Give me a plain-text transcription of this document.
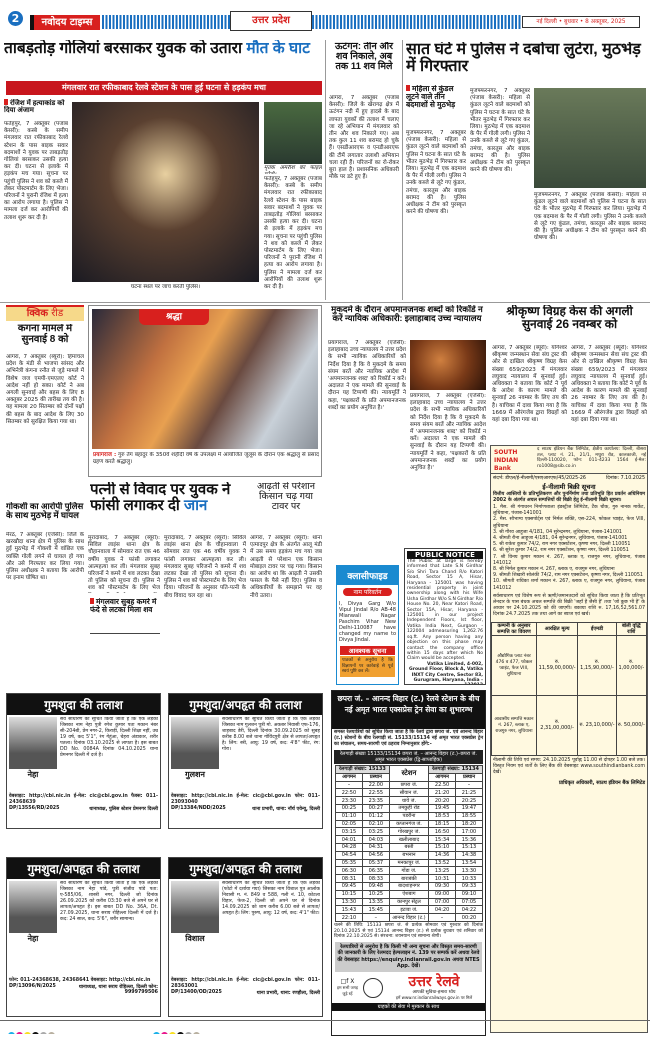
2	नवोदय टाइम्स	उत्तर प्रदेश	नई दिल्ली • बुधवार • 8 अक्तूबर, 2025
ताबड़तोड़ गोलियां बरसाकर युवक को उतारा मौत के घाट
मंगलवार रात रफीकाबाद रेलवे स्टेशन के पास हुई घटना से हड़कंप मचा
रंजिश में हत्याकांड को दिया अंजाम
फतेहपुर, 7 अक्तूबर (पंजाब केसरी): कस्बे के समीप मंगलवार रात रफीकाबाद रेलवे स्टेशन के पास बाइक सवार बदमाशों ने युवक पर ताबड़तोड़ गोलियां बरसाकर उसकी हत्या कर दी। घटना से इलाके में हड़कंप मच गया। सूचना पर पहुंची पुलिस ने शव को कब्जे में लेकर पोस्टमार्टम के लिए भेजा। परिजनों ने पुरानी रंजिश में हत्या का आरोप लगाया है। पुलिस ने मामला दर्ज कर आरोपियों की तलाश शुरू कर दी है।
घटना स्थल पर जांच करती पुलिस।
मृतक अमरीश का फाइल
फतेहपुर, 7 अक्तूबर (पंजाब केसरी): कस्बे के समीप मंगलवार रात रफीकाबाद रेलवे स्टेशन के पास बाइक सवार बदमाशों ने युवक पर ताबड़तोड़ गोलियां बरसाकर उसकी हत्या कर दी। घटना से इलाके में हड़कंप मच गया। सूचना पर पहुंची पुलिस ने शव को कब्जे में लेकर पोस्टमार्टम के लिए भेजा। परिजनों ने पुरानी रंजिश में हत्या का आरोप लगाया है। पुलिस ने मामला दर्ज कर आरोपियों की तलाश शुरू कर दी है।
ऊटंगन: तीन और शव निकाले, अब तक 11 शव मिले
आगरा, 7 अक्तूबर (पंजाब केसरी): जिले के खेरागढ़ क्षेत्र में ऊटंगन नदी में हुए हादसे के बाद लापता युवकों की तलाश में चलाए जा रहे अभियान में मंगलवार को तीन और शव निकाले गए। अब तक कुल 11 शव बरामद हो चुके हैं। एसडीआरएफ व एनडीआरएफ की टीमें लगातार तलाशी अभियान चला रही हैं। परिजनों का रो-रोकर बुरा हाल है। प्रशासनिक अधिकारी मौके पर डटे हुए हैं।
सात घंटे में पुलिस ने दबोचा लुटेरा, मुठभेड़ में गिरफ्तार
महिला से कुंडल लूटने वाले तीन बदमाशों से मुठभेड़
मुजफ्फरनगर, 7 अक्तूबर (पंजाब केसरी): महिला से कुंडल लूटने वाले बदमाशों को पुलिस ने घटना के सात घंटे के भीतर मुठभेड़ में गिरफ्तार कर लिया। मुठभेड़ में एक बदमाश के पैर में गोली लगी। पुलिस ने उनके कब्जे से लूटे गए कुंडल, तमंचा, कारतूस और बाइक बरामद की है। पुलिस अधीक्षक ने टीम को पुरस्कृत करने की घोषणा की।
मुजफ्फरनगर, 7 अक्तूबर (पंजाब केसरी): महिला से कुंडल लूटने वाले बदमाशों को पुलिस ने घटना के सात घंटे के भीतर मुठभेड़ में गिरफ्तार कर लिया। मुठभेड़ में एक बदमाश के पैर में गोली लगी। पुलिस ने उनके कब्जे से लूटे गए कुंडल, तमंचा, कारतूस और बाइक बरामद की है। पुलिस अधीक्षक ने टीम को पुरस्कृत करने की घोषणा की।
मुजफ्फरनगर, 7 अक्तूबर (पंजाब केसरी): महिला से कुंडल लूटने वाले बदमाशों को पुलिस ने घटना के सात घंटे के भीतर मुठभेड़ में गिरफ्तार कर लिया। मुठभेड़ में एक बदमाश के पैर में गोली लगी। पुलिस ने उनके कब्जे से लूटे गए कुंडल, तमंचा, कारतूस और बाइक बरामद की है। पुलिस अधीक्षक ने टीम को पुरस्कृत करने की घोषणा की।
क्विक रीड
कंगना मामले में सुनवाई 8 को
आगरा, 7 अक्तूबर (ब्यूरो): हिमाचल प्रदेश के मंडी से भाजपा सांसद और अभिनेत्री कंगना रनौत से जुड़े मामले में विशेष जज एमपी-एमएलए कोर्ट ने आदेश नहीं हो सका। कोर्ट ने अब अगली सुनवाई और बहस के लिए 8 अक्तूबर 2025 की तारीख तय की है। यह मामला 20 सितम्बर को दोनों पक्षों की बहस के बाद आदेश के लिए 30 सितम्बर को सुरक्षित किया गया था।
गोकशी का आरोपी पुलिस के साथ मुठभेड़ में घायल
मेरठ, 7 अक्तूबर (एजेंसी): जिले के खरखौदा थाना क्षेत्र में पुलिस के साथ हुई मुठभेड़ में गोकशी में वांछित एक व्यक्ति गोली लगने से घायल हो गया और उसे गिरफ्तार कर लिया गया। पुलिस अधीक्षक ने बताया कि आरोपी पर इनाम घोषित था।
श्रद्धा
प्रयागराज : गुरु तेग बहादुर के 350वें शहीदी वर्ष के उपलक्ष्य में आयोजित जुलूस के दौरान एक श्रद्धालु से प्रसाद ग्रहण करते श्रद्धालु।
पत्नी से विवाद पर युवक ने फांसी लगाकर दी जान
मुरादाबाद, 7 अक्तूबर (ब्यूरो): सिविल लाइंस थाना क्षेत्र के चौहानवाला में सोमवार रात एक 46 वर्षीय युवक ने फांसी लगाकर आत्महत्या कर ली। मंगलवार सुबह परिजनों ने कमरे में शव लटका देखा तो पुलिस को सूचना दी। पुलिस ने शव को पोस्टमार्टम के लिए भेज
मंगलवार सुबह कमरे में फंदे से लटका मिला शव
मुरादाबाद, 7 अक्तूबर (ब्यूरो): सिविल लाइंस थाना क्षेत्र के चौहानवाला में सोमवार रात एक 46 वर्षीय युवक ने फांसी लगाकर आत्महत्या कर ली। मंगलवार सुबह परिजनों ने कमरे में शव लटका देखा तो पुलिस को सूचना दी। पुलिस ने शव को पोस्टमार्टम के लिए भेज दिया। परिजनों के अनुसार पति-पत्नी के बीच विवाद चल रहा था।
आढ़ती से परेशान किसान चढ़ गया टावर पर
आगरा, 7 अक्तूबर (ब्यूरो): थाना एत्मादपुर क्षेत्र के अंतर्गत आलू मंडी में उस समय हड़कंप मच गया जब आढ़ती से परेशान एक किसान मोबाइल टावर पर चढ़ गया। किसान का आरोप था कि आढ़ती ने उसकी फसल के पैसे नहीं दिए। पुलिस व अधिकारियों के समझाने पर वह नीचे उतरा।
मुकदमे के दौरान अपमानजनक शब्दों को रिकॉर्ड न करें न्यायिक अधिकारी: इलाहाबाद उच्च न्यायालय
प्रयागराज, 7 अक्तूबर (एजेंसी): इलाहाबाद उच्च न्यायालय ने उत्तर प्रदेश के सभी न्यायिक अधिकारियों को निर्देश दिया है कि वे मुकदमे के समय संयम बरतें और न्यायिक आदेश में 'अपमानजनक शब्द' को रिकॉर्ड न करें। अदालत ने एक मामले की सुनवाई के दौरान यह टिप्पणी की। न्यायमूर्ति ने कहा, 'पक्षकारों के प्रति अपमानजनक शब्दों का प्रयोग अनुचित है।'
प्रयागराज, 7 अक्तूबर (एजेंसी): इलाहाबाद उच्च न्यायालय ने उत्तर प्रदेश के सभी न्यायिक अधिकारियों को निर्देश दिया है कि वे मुकदमे के समय संयम बरतें और न्यायिक आदेश में 'अपमानजनक शब्द' को रिकॉर्ड न करें। अदालत ने एक मामले की सुनवाई के दौरान यह टिप्पणी की। न्यायमूर्ति ने कहा, 'पक्षकारों के प्रति अपमानजनक शब्दों का प्रयोग अनुचित है।'
श्रीकृष्ण विग्रह केस की अगली सुनवाई 26 नवम्बर को
आगरा, 7 अक्तूबर (ब्यूरो): योगेश्वर श्रीकृष्ण जन्मस्थान सेवा संघ ट्रस्ट की ओर से दाखिल श्रीकृष्ण विग्रह केस संख्या 659/2023 में मंगलवार लघुवाद न्यायालय में सुनवाई हुई। अधिवक्ता ने बताया कि कोर्ट ने पूर्व के आदेश के कारण मामले की सुनवाई 26 नवम्बर के लिए तय की है। याचिका में दावा किया गया है कि 1669 में औरंगजेब द्वारा विग्रहों को यहां दबा दिया गया था।
आगरा, 7 अक्तूबर (ब्यूरो): योगेश्वर श्रीकृष्ण जन्मस्थान सेवा संघ ट्रस्ट की ओर से दाखिल श्रीकृष्ण विग्रह केस संख्या 659/2023 में मंगलवार लघुवाद न्यायालय में सुनवाई हुई। अधिवक्ता ने बताया कि कोर्ट ने पूर्व के आदेश के कारण मामले की सुनवाई 26 नवम्बर के लिए तय की है। याचिका में दावा किया गया है कि 1669 में औरंगजेब द्वारा विग्रहों को यहां दबा दिया गया था।
SOUTH INDIAN Bank
द साउथ इंडियन बैंक लिमिटेड, क्षेत्रीय कार्यालय: दिल्ली, बीसरा तल, प्लाट नं. 21, 21/1, मथुरा रोड, कालकाजी, नई दिल्ली-110020, फोन: 011-4233 1564 ई-मेल: ro1008@sib.co.in
संदर्भ: डीएल/ई-नीलामी/एसएआरएफ/45/2025-26	दिनांक: 7.10.2025
ई-नीलामी बिक्री सूचना
वित्तीय आस्तियों के प्रतिभूतिकरण और पुनर्निर्माण तथा प्रतिभूति हित प्रवर्तन अधिनियम 2002 के अंतर्गत अचल सम्पत्तियों की बिक्री हेतु ई-नीलामी बिक्री सूचना।
1. मैस. श्री गंगाधरन निर्माणशाला इंडस्ट्रीज लिमिटेड, टैंक चौक, गुरु नानक मार्केट, लुधियाना, पंजाब-141001
2. मैस. सौभाग्य एक्सपोर्ट्स एवं निर्मल शक्ति, एस-224, फोकल प्वाइंट, फेज VIII, लुधियाना
3. श्री गौरव आहूजा 4/181, 04 सुरेन्द्रनगर, लुधियाना, पंजाब-141001
4. श्रीमती रीना आहूजा 4/181, 04 सुरेन्द्रनगर, लुधियाना, पंजाब-141001
5. श्री राकेश कुमार 74/2, राम नगर एक्सटेंशन, कृष्णा नगर, दिल्ली 110051
6. श्री सुरेश कुमार 74/2, राम नगर एक्सटेंशन, कृष्णा नगर, दिल्ली 110051
7. श्री विनय कुमार मकान नं. 267, ब्लाक ए, राजगुरु नगर, लुधियाना, पंजाब 141012
8. श्री निर्मल कुमार मकान नं. 267, ब्लाक ए, राजगुरु नगर, लुधियाना
9. श्रीमती शिखारी सोलंकी 74/2, राम नगर एक्सटेंशन, कृष्णा नगर, दिल्ली 110051
10. श्रीमती राधिका शर्मा मकान नं. 267, ब्लाक ए, राजगुरु नगर, लुधियाना, पंजाब 141012
सर्वसाधारण एवं विशेष रूप से ऋणी/जमानतदारों को सूचित किया जाता है कि प्रतिभूत लेनदार के पास बंधक अचल सम्पत्ति की बिक्री 'जहाँ है जैसी है' तथा 'जो कुछ भी है' के आधार पर 24.10.2025 को की जाएगी। बकाया राशि रु. 17,16,52,561.07 दिनांक 24.7.2025 तक तथा आगे का ब्याज एवं खर्च।
कम्पनी के अनुसार सम्पत्ति का विवरण	आरक्षित मूल्य	ईएमडी	बोली वृद्धि राशि
औद्योगिक प्लाट नंबर 476 व 477, फोकल प्वाइंट, फेज VIII, लुधियाना	रु. 11,59,00,000/-	रु. 1,15,90,000/-	रु. 1,00,000/-
आवासीय सम्पत्ति मकान नं. 267, ब्लाक ए, राजगुरु नगर, लुधियाना	रु. 2,31,00,000/-	रु. 23,10,000/-	रु. 50,000/-
नीलामी की तिथि एवं समय: 24.10.2025 पूर्वाह्न 11.00 से दोपहर 1.00 बजे तक। विस्तृत नियम एवं शर्तों के लिए बैंक की वेबसाइट www.southindianbank.com देखें।
प्राधिकृत अधिकारी, साउथ इंडियन बैंक लिमिटेड
क्लासीफाइड
नाम परिवर्तन
I, Divya Garg W/o Vipul Jindal R/o AB-48 Mianwali Nagar Paschim Vihar New Delhi-110087 have changed my name to Divya Jindal.
आवश्यक सूचना
पाठकों से अनुरोध है कि विज्ञापनों पर कार्रवाई से पूर्व स्वयं पुष्टि कर लें।
PUBLIC NOTICE
The Public at large is hereby informed that Late S.N Girdhar S/o Shri Tara Chand R/o Katori Road, Sector 15 A, Hisar, Haryana - 125001 was having residential property in joint ownership along with his Wife Usha Girdhar W/o S.N Girdhar R/o House No. 20, Near Katori Road, Sector 15A, Hisar, Haryana - 125001 in our project Independent Floors, Ist floor, Vatika India Next, Gurgaon - 122004 admeasuring 1,262.76 sq.ft. Any person having any objection on this phase may contact the company office within 15 days after which No Claim would be accepted.
Vatika Limited, 4-002, Ground Floor, Block A, Vatika INXT City Centre, Sector 83, Gurugram, Haryana, India -
छपरा जं. – आनन्द विहार (ट.) रेलवे स्टेशन के बीच नई अमृत भारत एक्सप्रेस ट्रेन सेवा का शुभारम्भ
समस्त रेलयात्रियों को सूचित किया जाता है कि रेलवे द्वारा छपरा जं. एवं आनन्द विहार (ट.) स्टेशनों के बीच रेलगाड़ी सं. 15133/15134 नई अमृत भारत एक्सप्रेस ट्रेन का संचालन, समय-सारणी एवं ठहराव निम्नानुसार होंगे:-
रेलगाड़ी संख्या 15133/15134 छपरा जं. – आनन्द विहार (ट.)–छपरा जं. अमृत भारत एक्सप्रेस (द्वि-साप्ताहिक)
रेलगाड़ी संख्या: 15133		स्टेशन	रेलगाड़ी संख्या: 15134	
आगमन	प्रस्थान		आगमन	प्रस्थान
–	22.00	छपरा जं.	22.50	–
22:50	22:55	सीवान जं.	21:20	21:25
23:30	23:35	थावे जं.	20:20	20:25
00:25	00:27	तमकुही रोड	19:45	19:47
01:10	01:12	पडरौना	18:53	18:55
02:05	02:10	कप्तानगंज जं.	18:15	18:20
03:15	03:25	गोरखपुर जं.	16:50	17:00
04:01	04:03	खलीलाबाद	15:34	15:36
04:28	04:31	बस्ती	15:10	15:13
04:54	04:56	बभनान	14:36	14:38
05:35	05:37	मनकापुर जं.	13:52	13:54
06:30	06:35	गोंडा जं.	13:25	13:30
08:31	08:33	बाराबंकी	10:31	10:33
09:45	09:48	बादशाहनगर	09:30	09:33
10:15	10:25	ऐशबाग	09:00	09:10
13:30	13:35	कानपुर सेंट्रल	07:00	07:05
15:43	15:45	इटावा जं.	04:20	04:22
22:10	–	आनन्द विहार (ट.)	–	00:20
चलने की तिथि: 15133 छपरा जं. से प्रत्येक सोमवार एवं गुरुवार को दिनांक 20.10.2025 से एवं 15134 आनन्द विहार (ट.) से प्रत्येक बुधवार एवं शनिवार को दिनांक 22.10.2025 से। संरचना: शयनयान एवं सामान्य श्रेणी।
रेलयात्रियों से अनुरोध है कि किसी भी अन्य सूचना और विस्तृत समय-सारणी की जानकारी के लिए रेलमदद हेल्पलाइन नं. 139 पर सम्पर्क करें अथवा रेलवे की वेबसाइट https://enquiry.indianrail.gov.in अथवा NTES App. देखें।
□f X
हम सभी जगह जुड़े रहें
उत्तर रेलवे
आपकी सुविधा-हमारा ध्येय
हमें www.nr.indianrailways.gov.in पर मिलें
ग्राहकों की सेवा में मुस्कान के साथ
गुमशुदा की तलाश
नेहा
सर्व साधारण को सूचित किया जाता है कि एक लड़की जिसका नाम नेहा पुत्री रमेश कुमार पता मकान नंबर सी-204बी, प्रेम नगर-2, किराड़ी, दिल्ली शिक्षा नहीं, उम्र 19 वर्ष, कद 5'1", रंग गेहुंआ, चेहरा अंडाकार, शरीर पतला। दिनांक 03.10.2025 से लापता है। इस बाबत DD No. 0084A दिनांक 04.10.2025 थाना प्रेमनगर दिल्ली में दर्ज है।
वेबसाइट: http://cbi.nic.in ई-मेल: cic@cbi.gov.in फैक्स: 011-24368639
DP/13556/RD/2025	थानाध्यक्ष, पुलिस स्टेशन प्रेमनगर दिल्ली
गुमशुदा/अपहृत की तलाश
गुलशन
सर्वसाधारण को सूचित किया जाता है कि एक लड़की जिसका नाम गुलशन पुत्री मो. अकबर निवासी एफ-176, शाहबाद डेरी, दिल्ली दिनांक 30.09.2025 को सुबह करीब 8.00 बजे थाना गोविंदपुरी क्षेत्र से लापता/अपहृत है। लिंग: स्त्री, आयु: 19 वर्ष, कद: 4'8" फीट, रंग: गोरा।
वेबसाइट: http://cbi.nic.in ई-मेल: cic@cbi.gov.in फोन: 011-23093040
DP/13384/NDD/2025	थाना प्रभारी, थाना: नॉर्थ एवेन्यू, दिल्ली
गुमशुदा/अपहृत की तलाश
नेहा
सर्व साधारण को सूचित किया जाता है कि एक लड़की जिसका नाम नेहा पांडे, पुत्री संजीव पांडे पता: ए-585/06, शास्त्री नगर, दिल्ली जो दिनांक 26.09.2025 को करीब 03:30 बजे से अपने घर से लापता/अपहृत है। इस बाबत DD No. 36A, Dt. 27.09.2025, थाना सराय रोहिल्ला दिल्ली में दर्ज है। कद: 24 साल, कद: 5'6", शरीर सामान्य।
फोन: 011-24368638, 24368641 वेबसाइट: http://cbi.nic.in
DP/13096/N/2025	थानाध्यक्ष, थाना सराय रोहिल्ला, दिल्ली फोन: 9999799506
गुमशुदा/अपहृत की तलाश
विशाल
सर्वसाधारण को सूचित किया जाता है कि एक लड़का (फोटो में दर्शाया गया) जिसका नाम विशाल पुत्र आलोक निवासी म. नं. 849 व 588, गली नं. 10, कोटला विहार, फेज-2, दिल्ली जो अपने घर से दिनांक 14.09.2025 को शाम करीब 6.00 बजे से लापता/अपहृत है। लिंग: पुरुष, आयु: 12 वर्ष, कद: 4'1" फीट।
वेबसाइट: http://cbi.nic.in ई-मेल: cic@cbi.gov.in फोन: 011-28363001
DP/13400/OD/2025	थाना प्रभारी, थाना: रणहौला, दिल्ली
